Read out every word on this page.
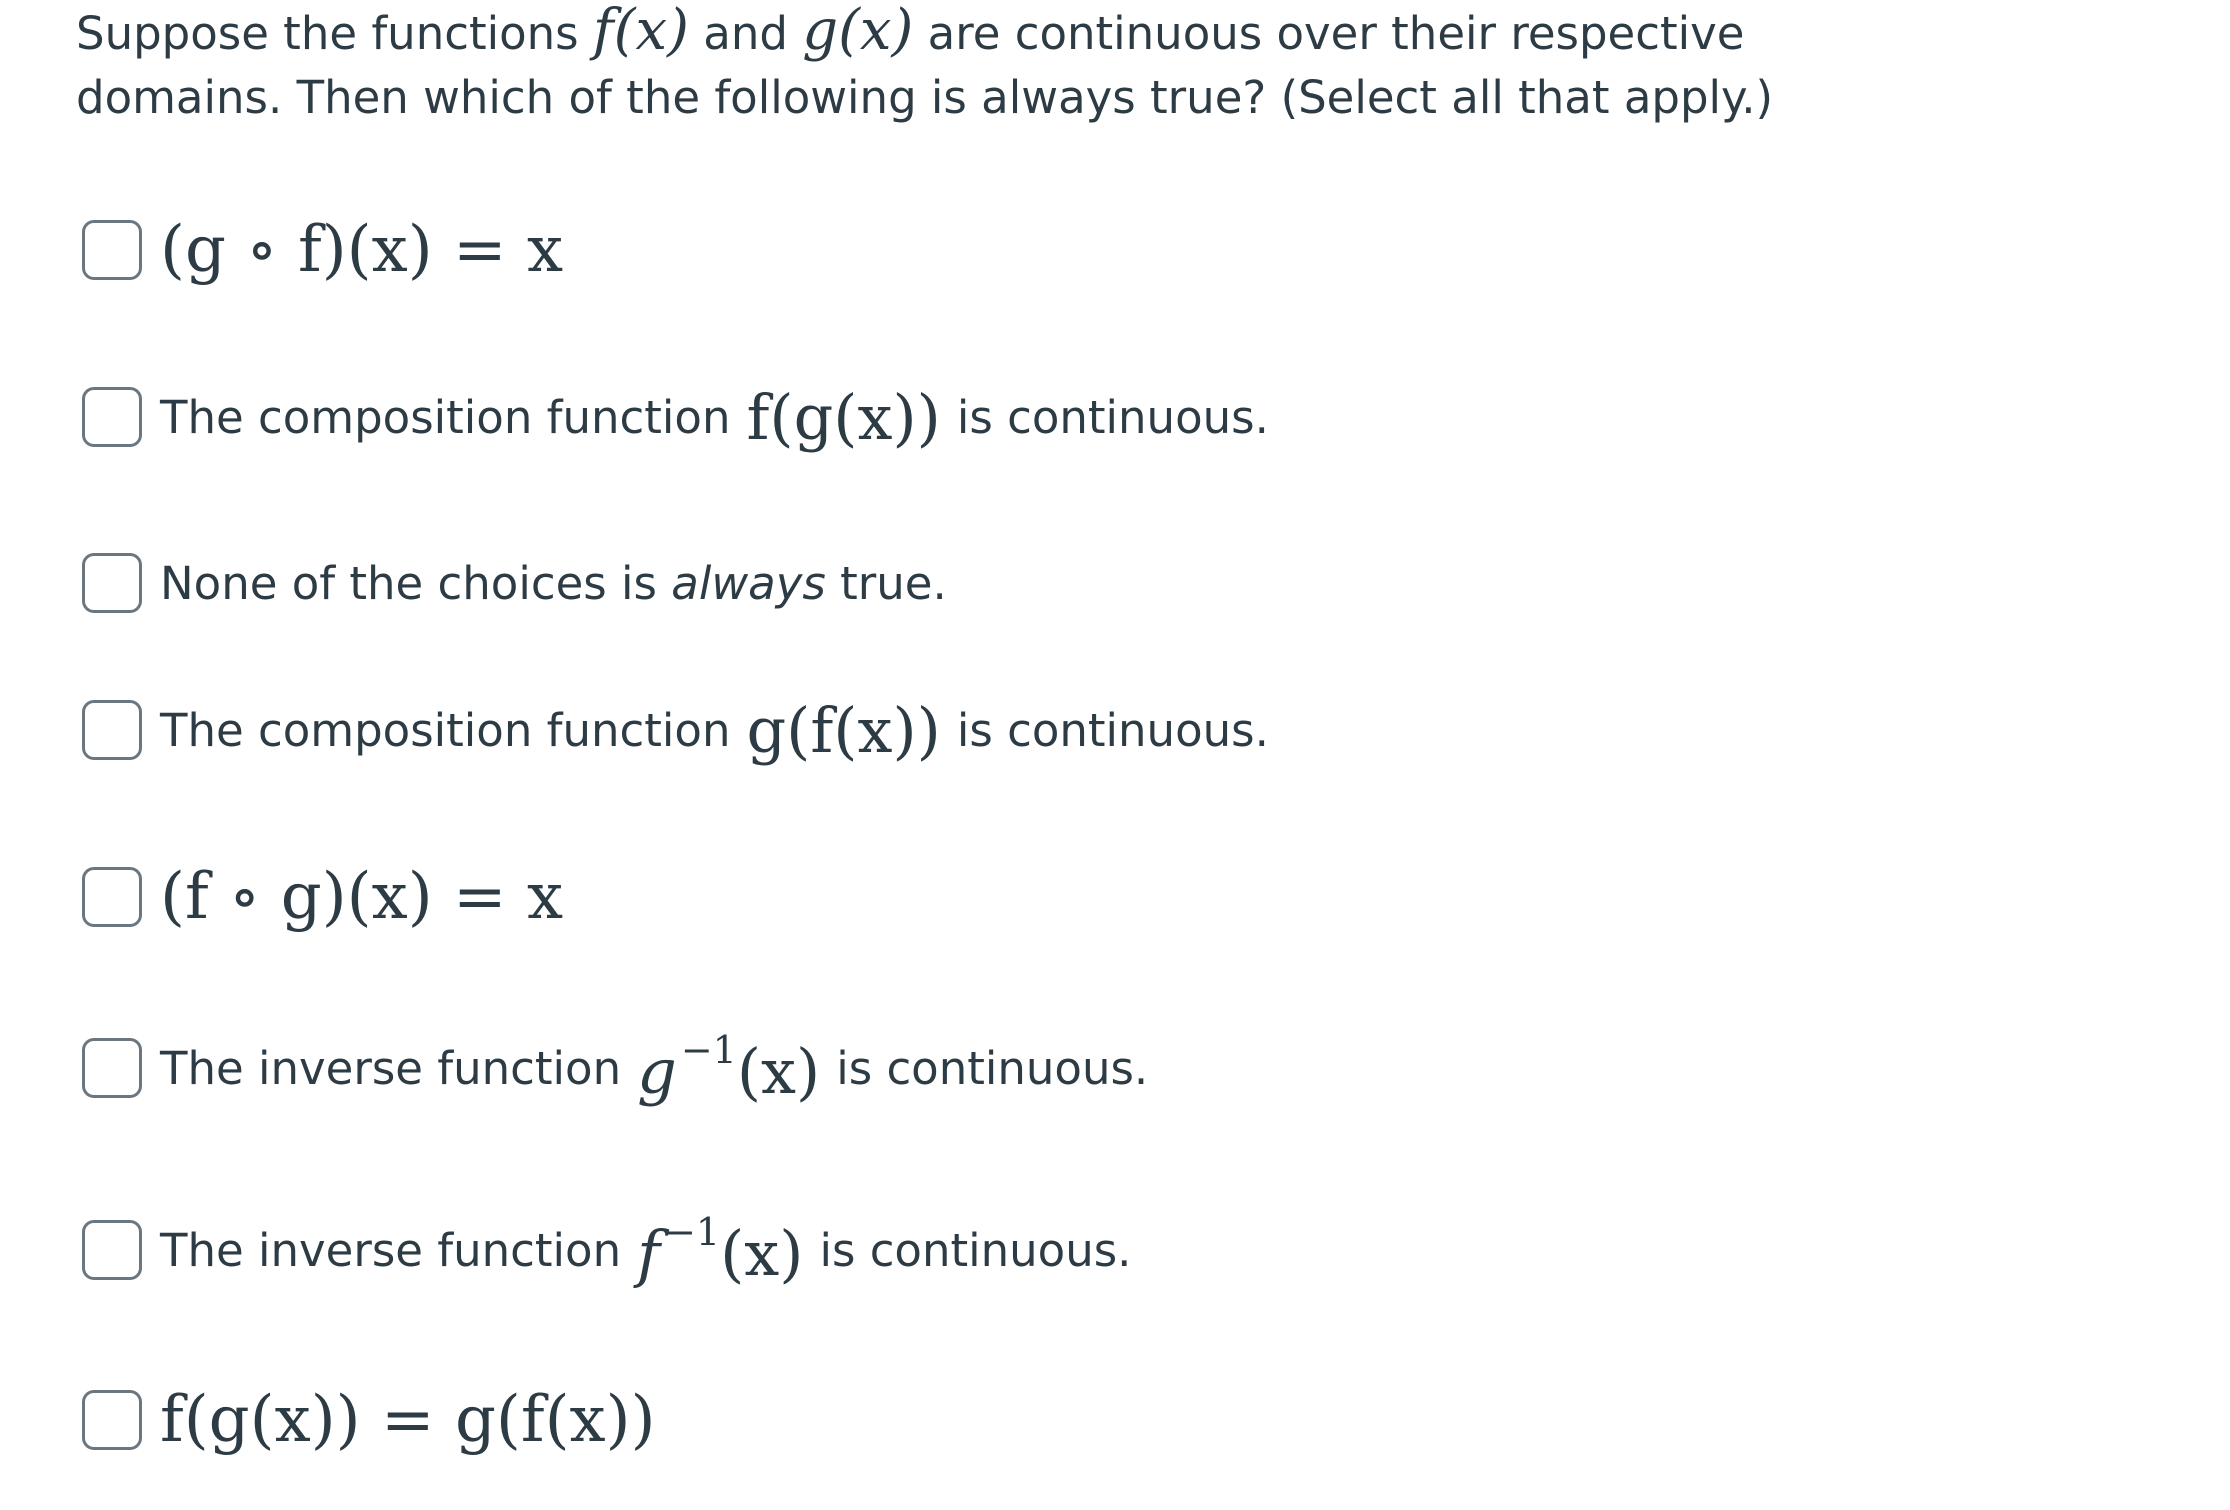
Suppose the functions f(x) and g(x) are continuous over their respective domains. Then which of the following is always true? (Select all that apply.)
(g ∘ f)(x) = x
The composition function f(g(x)) is continuous.
None of the choices is
always
true.
The composition function g(f(x)) is continuous.
(f ∘ g)(x) = x
The inverse function g $^{-1}$(x) is continuous.
The inverse function f $^{-1}$(x) is continuous.
f(g(x)) = g(f(x))
